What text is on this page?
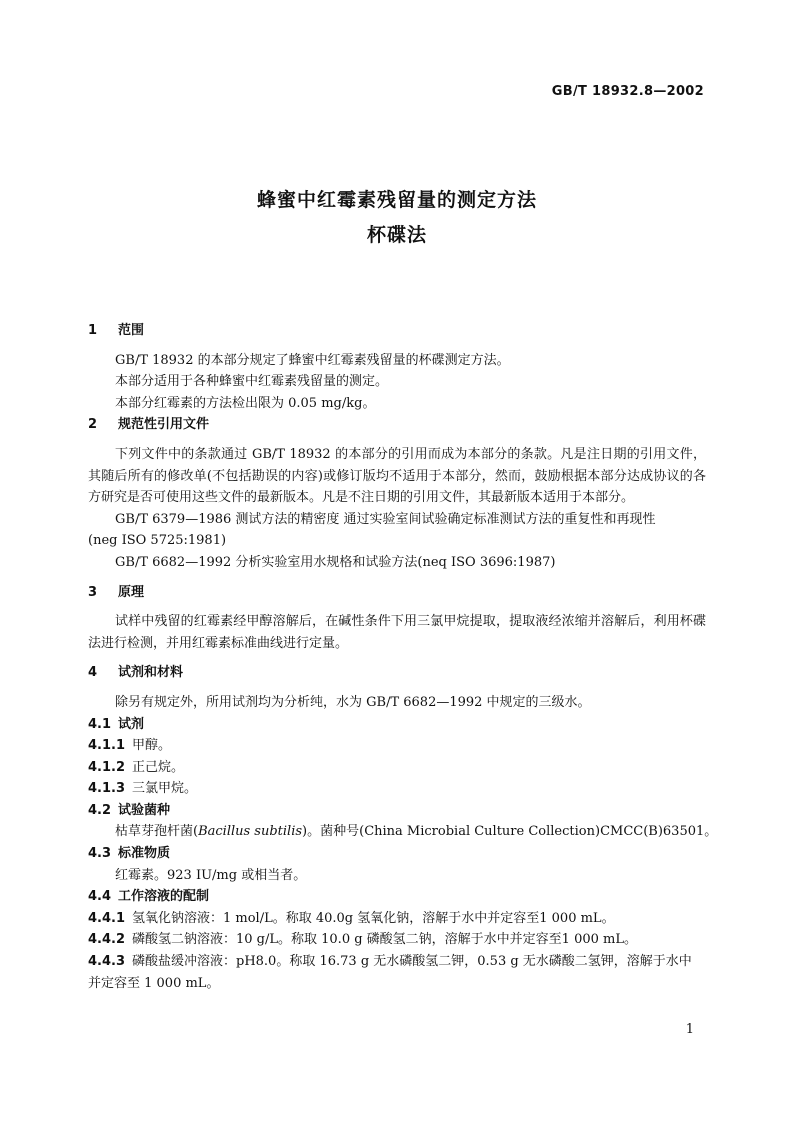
GB/T 18932.8—2002
蜂蜜中红霉素残留量的测定方法
杯碟法
1 范围
GB/T 18932 的本部分规定了蜂蜜中红霉素残留量的杯碟测定方法。
本部分适用于各种蜂蜜中红霉素残留量的测定。
本部分红霉素的方法检出限为 0.05 mg/kg。
2 规范性引用文件
下列文件中的条款通过 GB/T 18932 的本部分的引用而成为本部分的条款。凡是注日期的引用文件，其随后所有的修改单(不包括勘误的内容)或修订版均不适用于本部分，然而，鼓励根据本部分达成协议的各方研究是否可使用这些文件的最新版本。凡是不注日期的引用文件，其最新版本适用于本部分。
GB/T 6379—1986 测试方法的精密度 通过实验室间试验确定标准测试方法的重复性和再现性
(neg ISO 5725:1981)
GB/T 6682—1992 分析实验室用水规格和试验方法(neq ISO 3696:1987)
3 原理
试样中残留的红霉素经甲醇溶解后，在碱性条件下用三氯甲烷提取，提取液经浓缩并溶解后，利用杯碟法进行检测，并用红霉素标准曲线进行定量。
4 试剂和材料
除另有规定外，所用试剂均为分析纯，水为 GB/T 6682—1992 中规定的三级水。
4.1 试剂
4.1.1 甲醇。
4.1.2 正己烷。
4.1.3 三氯甲烷。
4.2 试验菌种
枯草芽孢杆菌(Bacillus subtilis)。菌种号(China Microbial Culture Collection)CMCC(B)63501。
4.3 标准物质
红霉素。923 IU/mg 或相当者。
4.4 工作溶液的配制
4.4.1 氢氧化钠溶液：1 mol/L。称取 40.0g 氢氧化钠，溶解于水中并定容至1 000 mL。
4.4.2 磷酸氢二钠溶液：10 g/L。称取 10.0 g 磷酸氢二钠，溶解于水中并定容至1 000 mL。
4.4.3 磷酸盐缓冲溶液：pH8.0。称取 16.73 g 无水磷酸氢二钾，0.53 g 无水磷酸二氢钾，溶解于水中
并定容至 1 000 mL。
1
